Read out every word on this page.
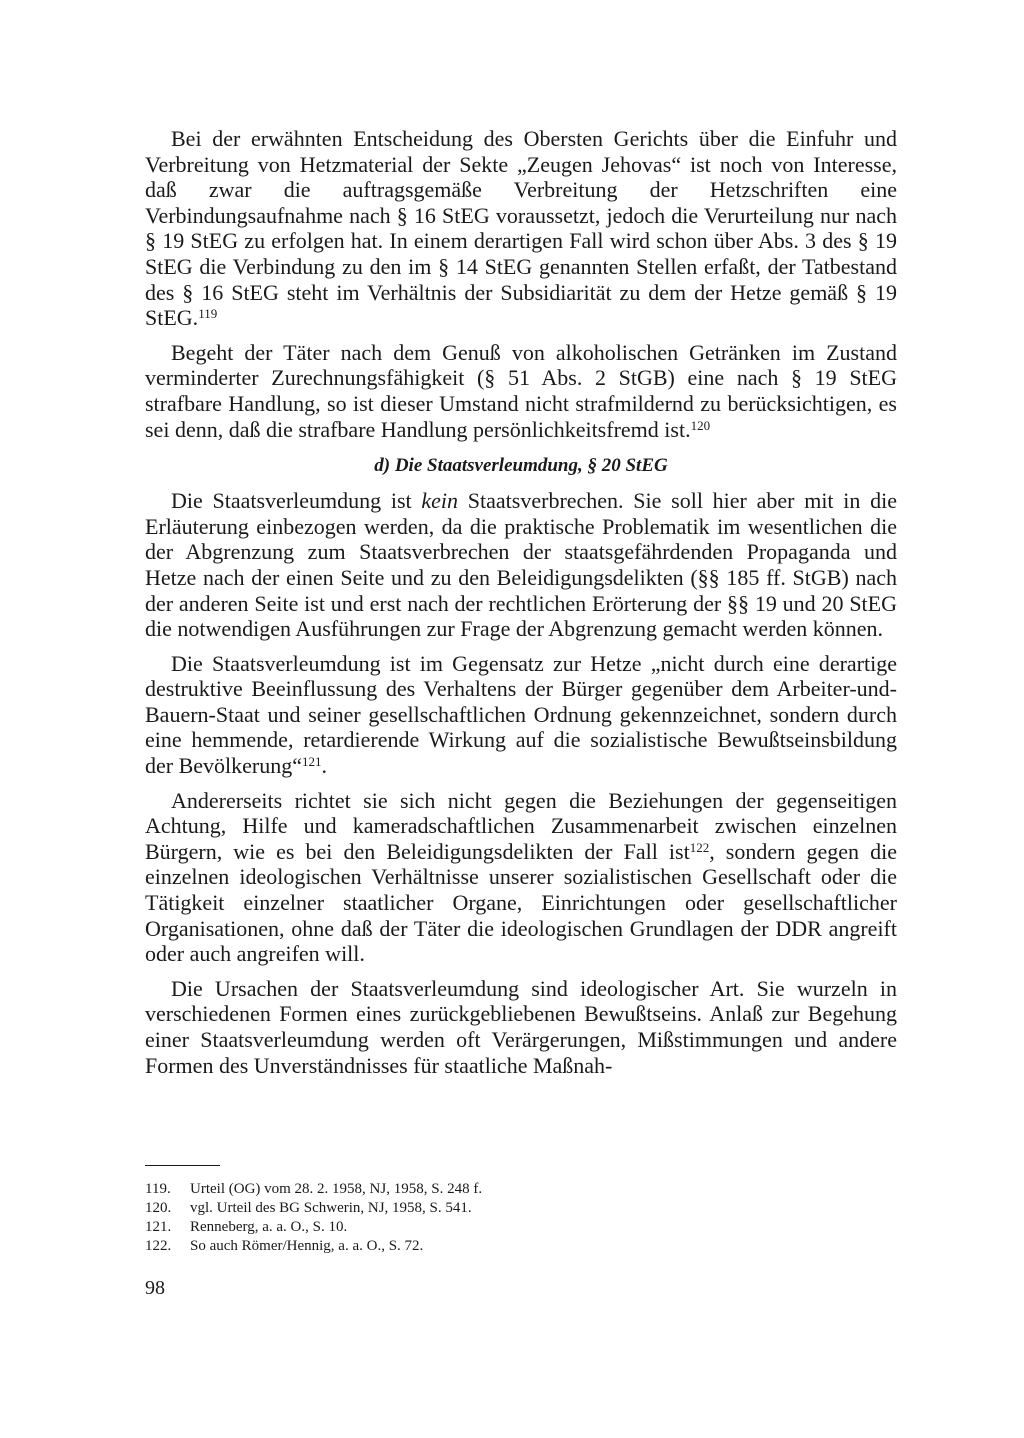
Bei der erwähnten Entscheidung des Obersten Gerichts über die Einfuhr und Verbreitung von Hetzmaterial der Sekte „Zeugen Jehovas“ ist noch von Interesse, daß zwar die auftragsgemäße Verbreitung der Hetzschriften eine Verbindungsaufnahme nach § 16 StEG voraussetzt, jedoch die Verurteilung nur nach § 19 StEG zu erfolgen hat. In einem derartigen Fall wird schon über Abs. 3 des § 19 StEG die Verbindung zu den im § 14 StEG genannten Stellen erfaßt, der Tatbestand des § 16 StEG steht im Verhältnis der Subsidiarität zu dem der Hetze gemäß § 19 StEG.$^{119}$

Begeht der Täter nach dem Genuß von alkoholischen Getränken im Zustand verminderter Zurechnungsfähigkeit (§ 51 Abs. 2 StGB) eine nach § 19 StEG strafbare Handlung, so ist dieser Umstand nicht strafmildernd zu berücksichtigen, es sei denn, daß die strafbare Handlung persönlichkeitsfremd ist.$^{120}$

d) Die Staatsverleumdung, § 20 StEG

Die Staatsverleumdung ist kein Staatsverbrechen. Sie soll hier aber mit in die Erläuterung einbezogen werden, da die praktische Problematik im wesentlichen die der Abgrenzung zum Staatsverbrechen der staatsgefährdenden Propaganda und Hetze nach der einen Seite und zu den Beleidigungsdelikten (§§ 185 ff. StGB) nach der anderen Seite ist und erst nach der rechtlichen Erörterung der §§ 19 und 20 StEG die notwendigen Ausführungen zur Frage der Abgrenzung gemacht werden können.

Die Staatsverleumdung ist im Gegensatz zur Hetze „nicht durch eine derartige destruktive Beeinflussung des Verhaltens der Bürger gegenüber dem Arbeiter-und-Bauern-Staat und seiner gesellschaftlichen Ordnung gekennzeichnet, sondern durch eine hemmende, retardierende Wirkung auf die sozialistische Bewußtseinsbildung der Bevölkerung“$^{121}$.

Andererseits richtet sie sich nicht gegen die Beziehungen der gegenseitigen Achtung, Hilfe und kameradschaftlichen Zusammenarbeit zwischen einzelnen Bürgern, wie es bei den Beleidigungsdelikten der Fall ist$^{122}$, sondern gegen die einzelnen ideologischen Verhältnisse unserer sozialistischen Gesellschaft oder die Tätigkeit einzelner staatlicher Organe, Einrichtungen oder gesellschaftlicher Organisationen, ohne daß der Täter die ideologischen Grundlagen der DDR angreift oder auch angreifen will.

Die Ursachen der Staatsverleumdung sind ideologischer Art. Sie wurzeln in verschiedenen Formen eines zurückgebliebenen Bewußtseins. Anlaß zur Begehung einer Staatsverleumdung werden oft Verärgerungen, Mißstimmungen und andere Formen des Unverständnisses für staatliche Maßnah-

119.	Urteil (OG) vom 28. 2. 1958, NJ, 1958, S. 248 f.
120.	vgl. Urteil des BG Schwerin, NJ, 1958, S. 541.
121.	Renneberg, a. a. O., S. 10.
122.	So auch Römer/Hennig, a. a. O., S. 72.
98
